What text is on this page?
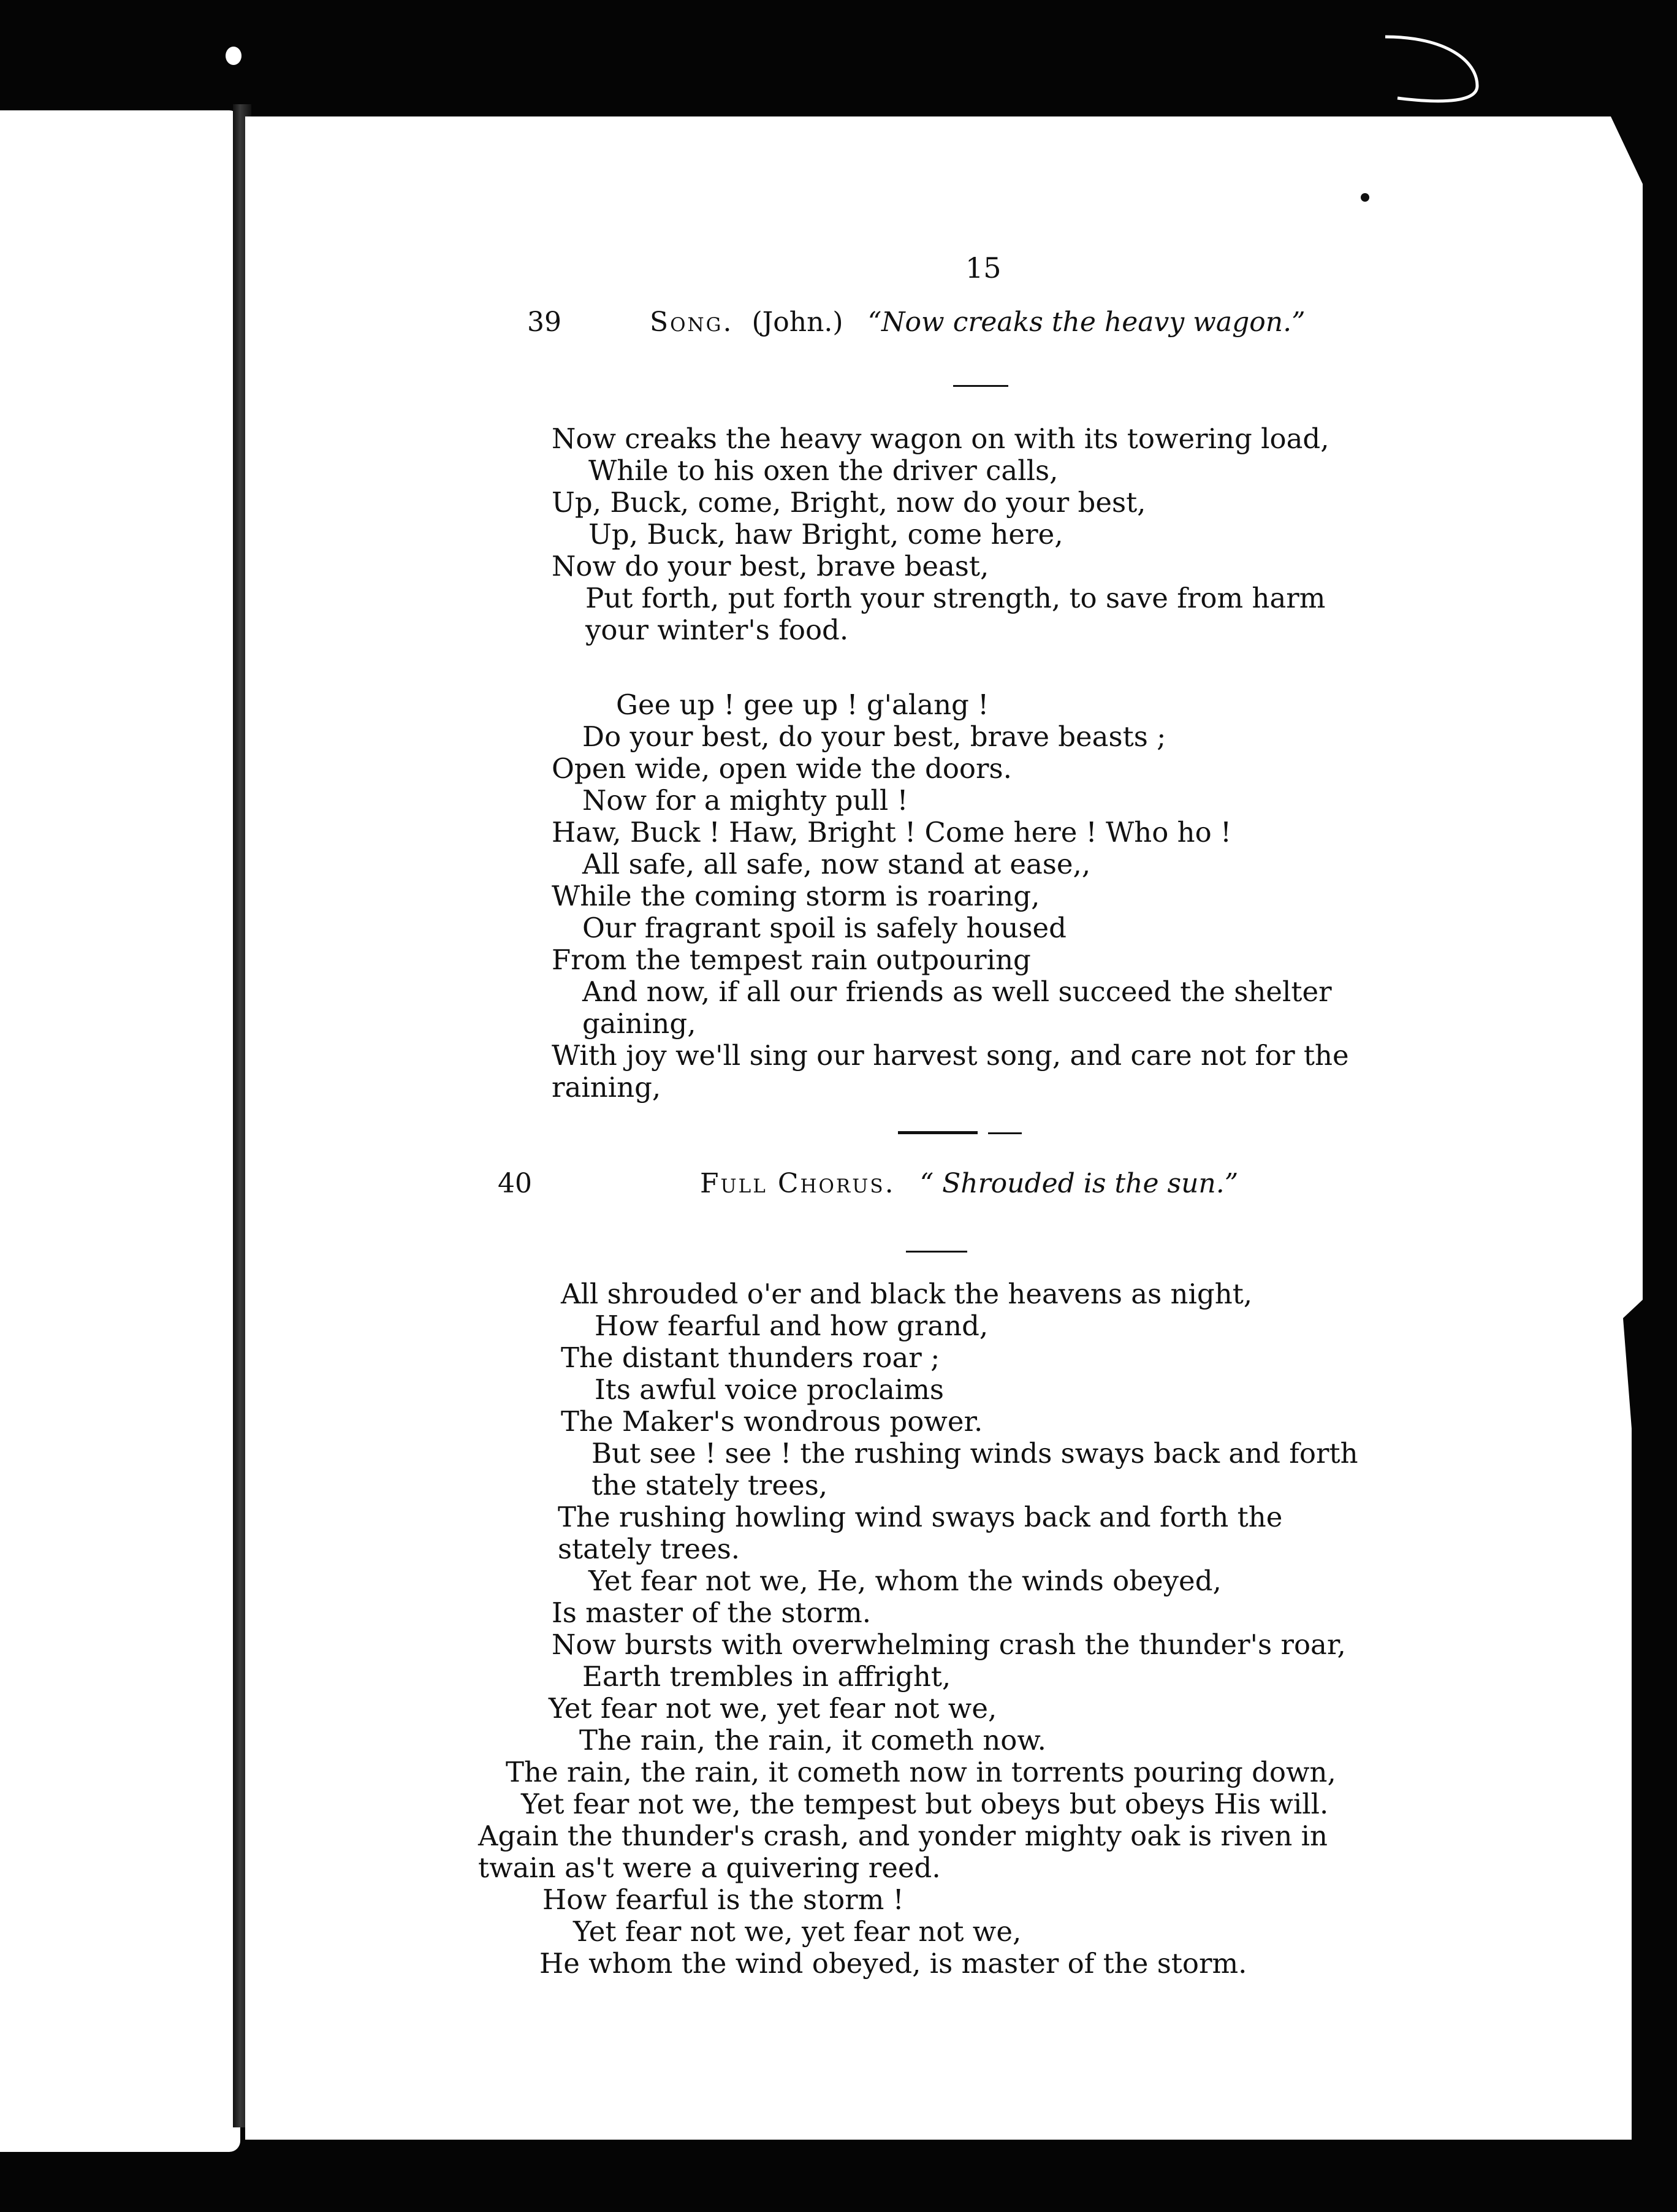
15
39	Song. (John.) “Now creaks the heavy wagon.”
Now creaks the heavy wagon on with its towering load,
While to his oxen the driver calls,
Up, Buck, come, Bright, now do your best,
Up, Buck, haw Bright, come here,
Now do your best, brave beast,
Put forth, put forth your strength, to save from harm your winter's food.
Gee up ! gee up ! g'alang !
Do your best, do your best, brave beasts ;
Open wide, open wide the doors.
Now for a mighty pull !
Haw, Buck ! Haw, Bright ! Come here ! Who ho !
All safe, all safe, now stand at ease,,
While the coming storm is roaring,
Our fragrant spoil is safely housed
From the tempest rain outpouring
And now, if all our friends as well succeed the shelter gaining,
With joy we'll sing our harvest song, and care not for the raining,
40	Full Chorus. “ Shrouded is the sun.”
All shrouded o'er and black the heavens as night,
How fearful and how grand,
The distant thunders roar ;
Its awful voice proclaims
The Maker's wondrous power.
But see ! see ! the rushing winds sways back and forth the stately trees,
The rushing howling wind sways back and forth the stately trees.
Yet fear not we, He, whom the winds obeyed,
Is master of the storm.
Now bursts with overwhelming crash the thunder's roar,
Earth trembles in affright,
Yet fear not we, yet fear not we,
The rain, the rain, it cometh now.
The rain, the rain, it cometh now in torrents pouring down,
Yet fear not we, the tempest but obeys but obeys His will.
Again the thunder's crash, and yonder mighty oak is riven in twain as't were a quivering reed.
How fearful is the storm !
Yet fear not we, yet fear not we,
He whom the wind obeyed, is master of the storm.
